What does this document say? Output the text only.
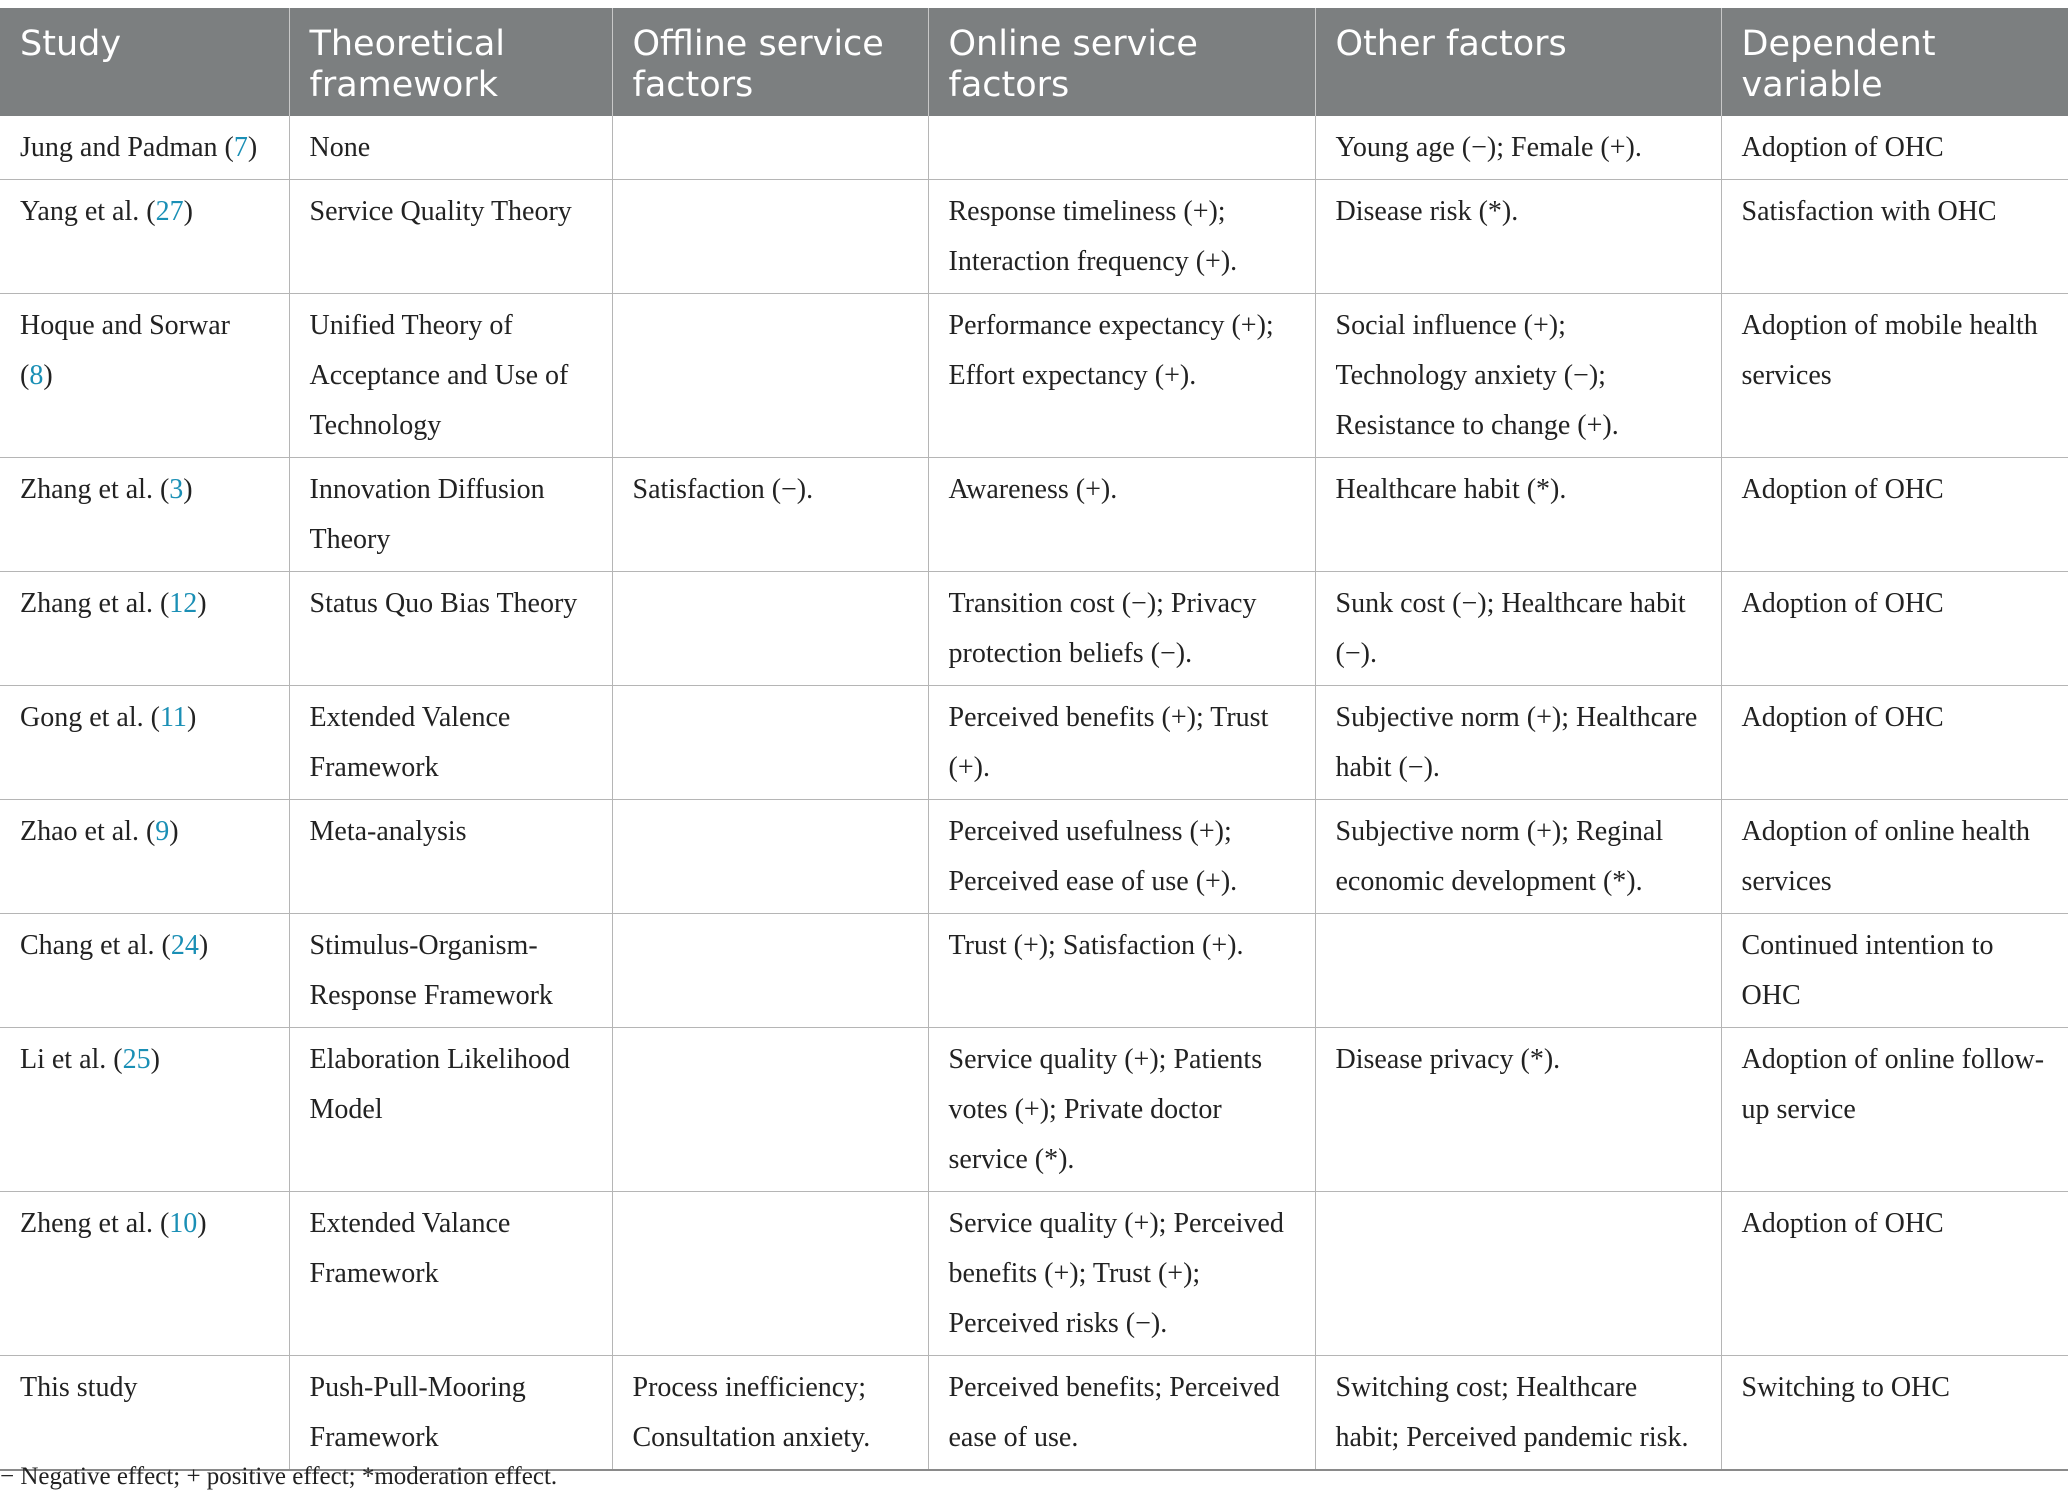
Study	Theoretical framework	Offline service factors	Online service factors	Other factors	Dependent variable
Jung and Padman (7)	None			Young age (−); Female (+).	Adoption of OHC
Yang et al. (27)	Service Quality Theory		Response timeliness (+); Interaction frequency (+).	Disease risk (*).	Satisfaction with OHC
Hoque and Sorwar (8)	Unified Theory of Acceptance and Use of Technology		Performance expectancy (+); Effort expectancy (+).	Social influence (+); Technology anxiety (−); Resistance to change (+).	Adoption of mobile health services
Zhang et al. (3)	Innovation Diffusion Theory	Satisfaction (−).	Awareness (+).	Healthcare habit (*).	Adoption of OHC
Zhang et al. (12)	Status Quo Bias Theory		Transition cost (−); Privacy protection beliefs (−).	Sunk cost (−); Healthcare habit (−).	Adoption of OHC
Gong et al. (11)	Extended Valence Framework		Perceived benefits (+); Trust (+).	Subjective norm (+); Healthcare habit (−).	Adoption of OHC
Zhao et al. (9)	Meta-analysis		Perceived usefulness (+); Perceived ease of use (+).	Subjective norm (+); Reginal economic development (*).	Adoption of online health services
Chang et al. (24)	Stimulus-Organism-Response Framework		Trust (+); Satisfaction (+).		Continued intention to OHC
Li et al. (25)	Elaboration Likelihood Model		Service quality (+); Patients votes (+); Private doctor service (*).	Disease privacy (*).	Adoption of online follow-up service
Zheng et al. (10)	Extended Valance Framework		Service quality (+); Perceived benefits (+); Trust (+); Perceived risks (−).		Adoption of OHC
This study	Push-Pull-Mooring Framework	Process inefficiency; Consultation anxiety.	Perceived benefits; Perceived ease of use.	Switching cost; Healthcare habit; Perceived pandemic risk.	Switching to OHC
− Negative effect; + positive effect; *moderation effect.
